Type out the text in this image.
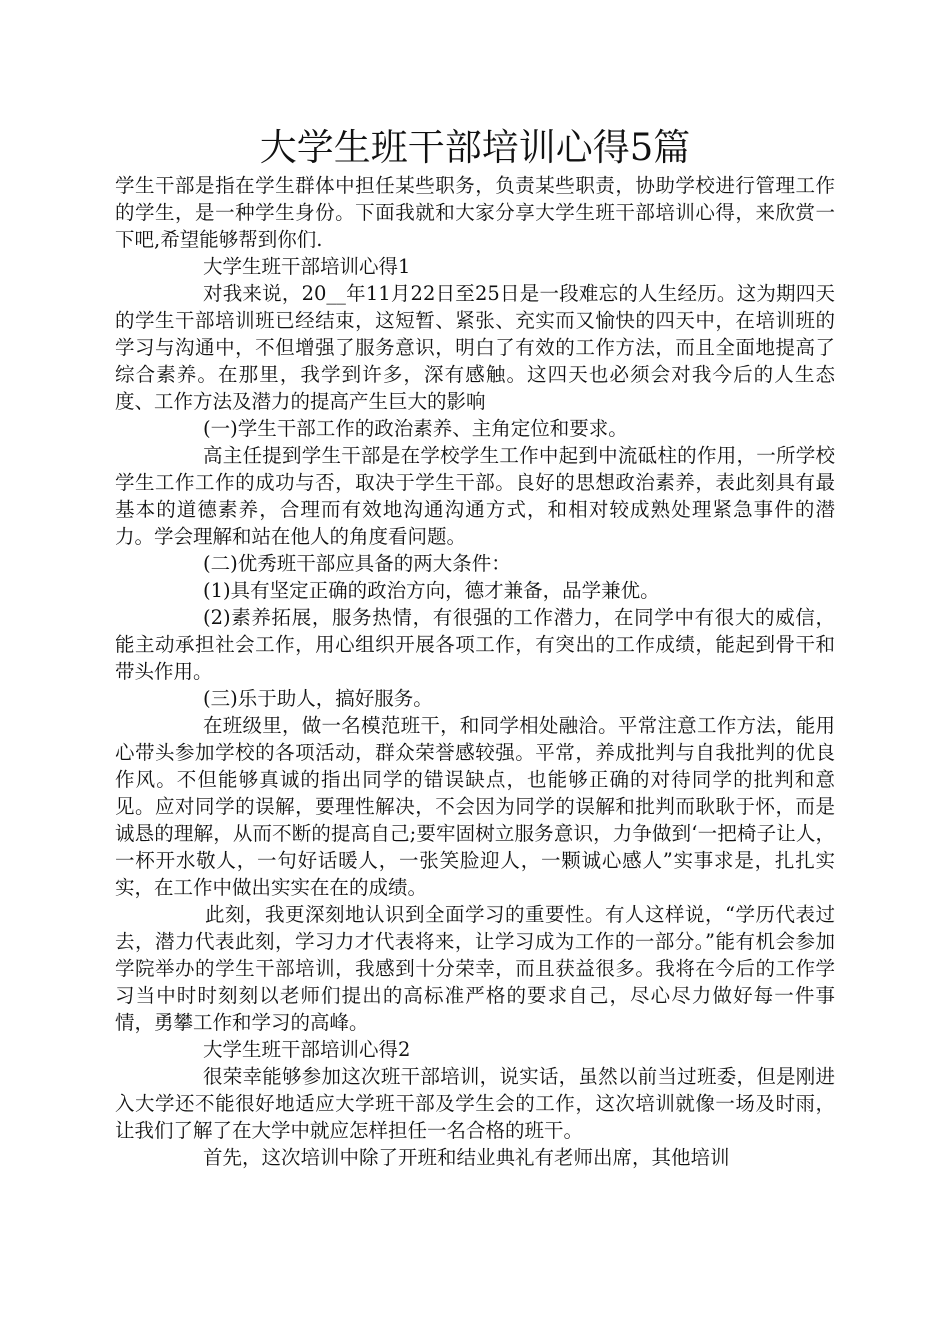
大学生班干部培训心得5篇

学生干部是指在学生群体中担任某些职务，负责某些职责，协助学校进行管理工作的学生，是一种学生身份。下面我就和大家分享大学生班干部培训心得，来欣赏一下吧,希望能够帮到你们.

大学生班干部培训心得1

对我来说，20__年11月22日至25日是一段难忘的人生经历。这为期四天的学生干部培训班已经结束，这短暂、紧张、充实而又愉快的四天中，在培训班的学习与沟通中，不但增强了服务意识，明白了有效的工作方法，而且全面地提高了综合素养。在那里，我学到许多，深有感触。这四天也必须会对我今后的人生态度、工作方法及潜力的提高产生巨大的影响

(一)学生干部工作的政治素养、主角定位和要求。

高主任提到学生干部是在学校学生工作中起到中流砥柱的作用，一所学校学生工作工作的成功与否，取决于学生干部。良好的思想政治素养，表此刻具有最基本的道德素养，合理而有效地沟通沟通方式，和相对较成熟处理紧急事件的潜力。学会理解和站在他人的角度看问题。

(二)优秀班干部应具备的两大条件：

(1)具有坚定正确的政治方向，德才兼备，品学兼优。

(2)素养拓展，服务热情，有很强的工作潜力，在同学中有很大的威信，能主动承担社会工作，用心组织开展各项工作，有突出的工作成绩，能起到骨干和带头作用。

(三)乐于助人，搞好服务。

在班级里，做一名模范班干，和同学相处融洽。平常注意工作方法，能用心带头参加学校的各项活动，群众荣誉感较强。平常，养成批判与自我批判的优良作风。不但能够真诚的指出同学的错误缺点，也能够正确的对待同学的批判和意见。应对同学的误解，要理性解决，不会因为同学的误解和批判而耿耿于怀，而是诚恳的理解，从而不断的提高自己;要牢固树立服务意识，力争做到‘一把椅子让人，一杯开水敬人，一句好话暖人，一张笑脸迎人，一颗诚心感人”实事求是，扎扎实实，在工作中做出实实在在的成绩。

此刻，我更深刻地认识到全面学习的重要性。有人这样说，“学历代表过去，潜力代表此刻，学习力才代表将来，让学习成为工作的一部分。”能有机会参加学院举办的学生干部培训，我感到十分荣幸，而且获益很多。我将在今后的工作学习当中时时刻刻以老师们提出的高标准严格的要求自己，尽心尽力做好每一件事情，勇攀工作和学习的高峰。

大学生班干部培训心得2

很荣幸能够参加这次班干部培训，说实话，虽然以前当过班委，但是刚进入大学还不能很好地适应大学班干部及学生会的工作，这次培训就像一场及时雨，让我们了解了在大学中就应怎样担任一名合格的班干。

首先，这次培训中除了开班和结业典礼有老师出席，其他培训
